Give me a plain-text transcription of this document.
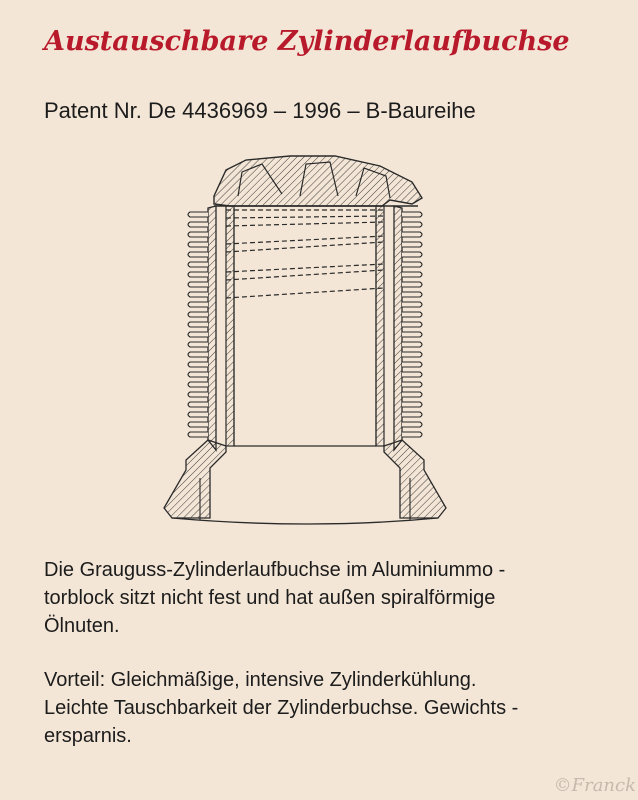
Austauschbare Zylinderlaufbuchse
Patent Nr. De 4436969 – 1996 – B-Baureihe
Die Grauguss-Zylinderlaufbuchse im Aluminiummo -
torblock sitzt nicht fest und hat außen spiralförmige
Ölnuten.
Vorteil: Gleichmäßige, intensive Zylinderkühlung.
Leichte Tauschbarkeit der Zylinderbuchse. Gewichts -
ersparnis.
©Franck
